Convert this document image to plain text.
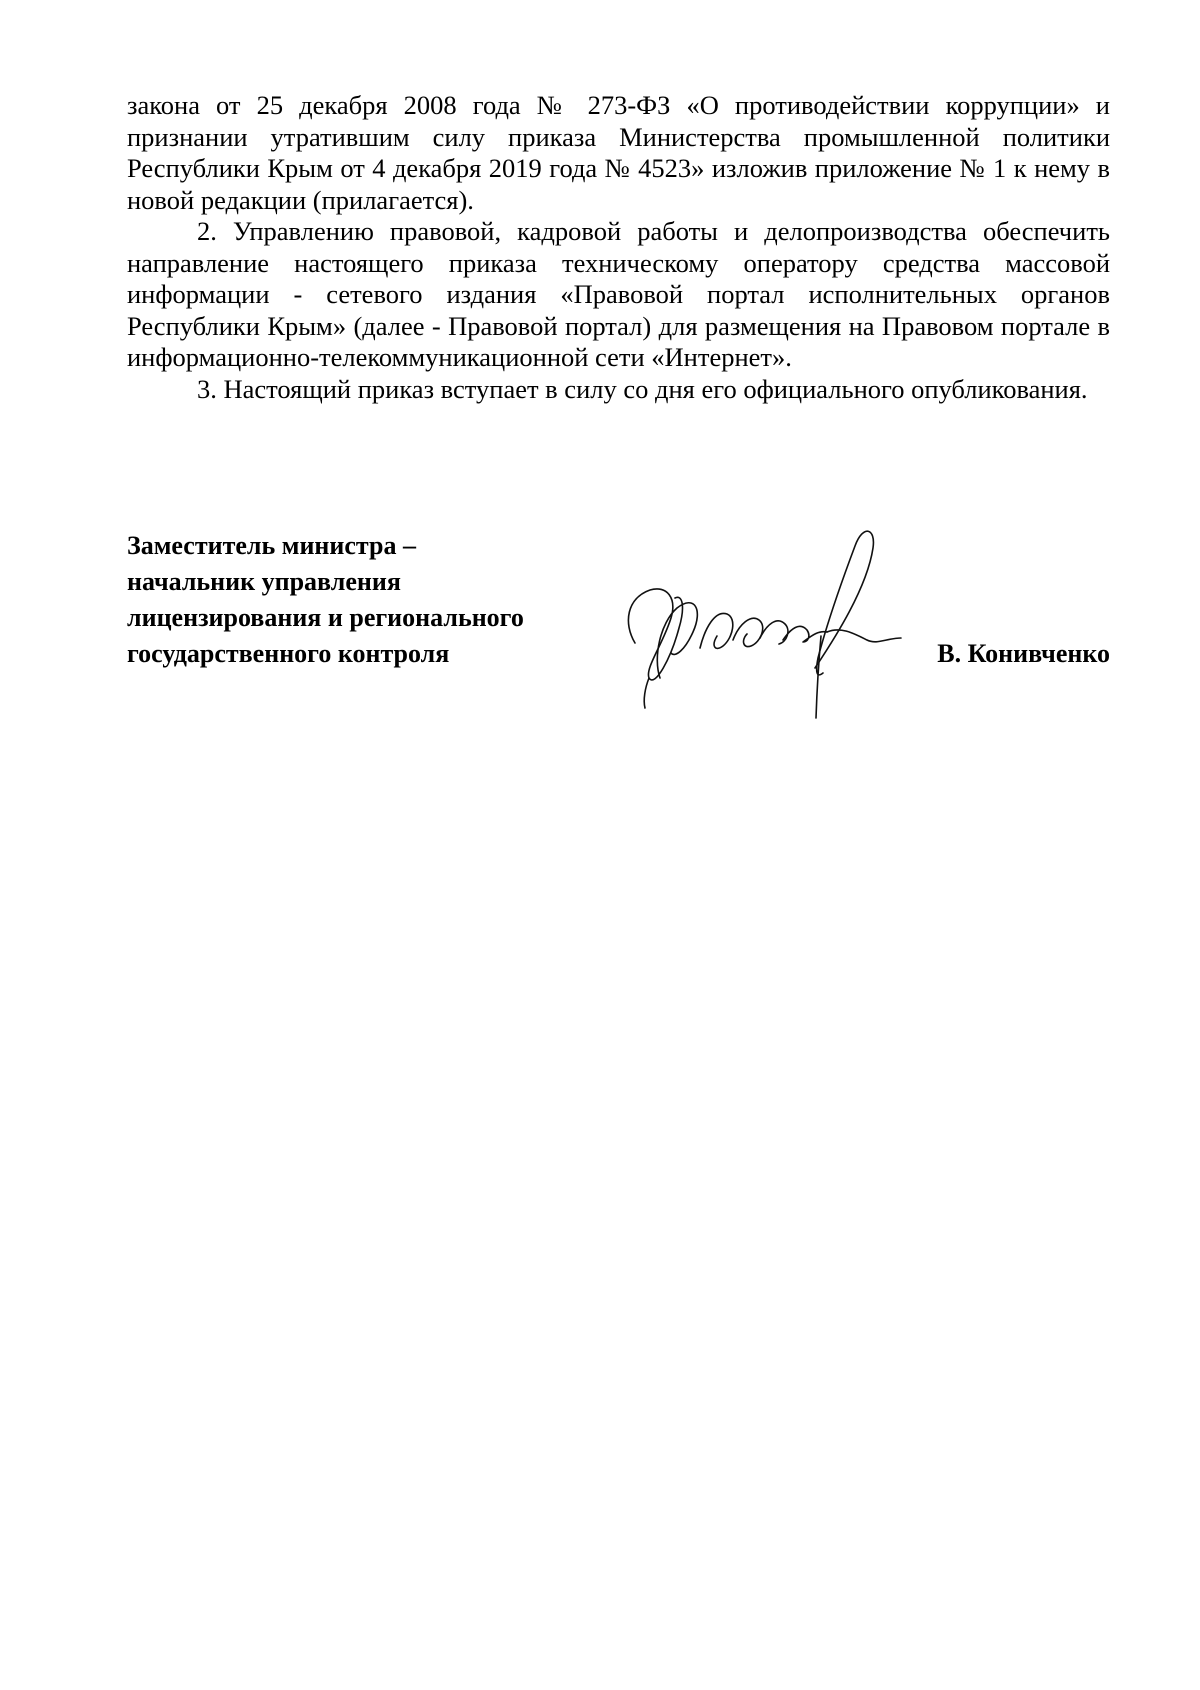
закона от 25 декабря 2008 года № 273-ФЗ «О противодействии коррупции» и признании утратившим силу приказа Министерства промышленной политики Республики Крым от 4 декабря 2019 года № 4523» изложив приложение № 1 к нему в новой редакции (прилагается).

2. Управлению правовой, кадровой работы и делопроизводства обеспечить направление настоящего приказа техническому оператору средства массовой информации - сетевого издания «Правовой портал исполнительных органов Республики Крым» (далее - Правовой портал) для размещения на Правовом портале в информационно-телекоммуникационной сети «Интернет».

3. Настоящий приказ вступает в силу со дня его официального опубликования.

Заместитель министра –
начальник управления
лицензирования и регионального
государственного контроля	В. Конивченко
